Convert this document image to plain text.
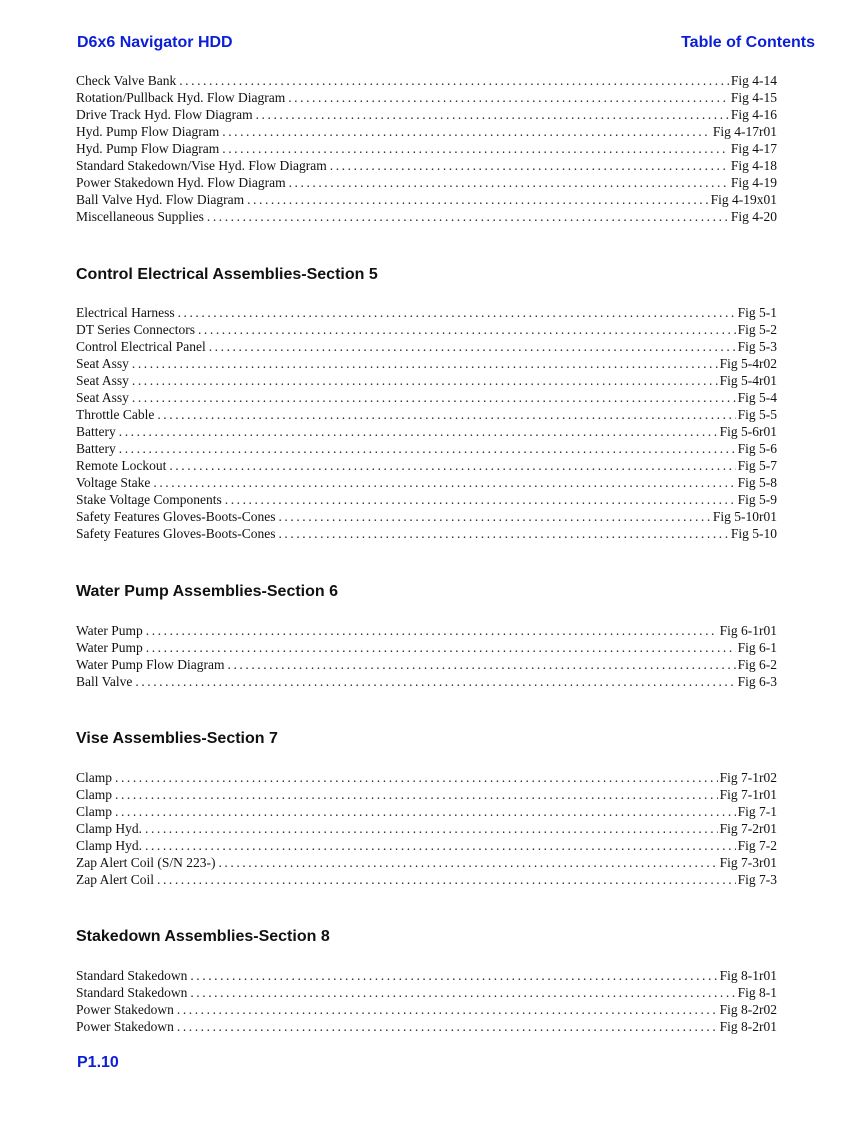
D6x6 Navigator HDD	Table of Contents
Check Valve Bank . . .	Fig 4-14
Rotation/Pullback Hyd. Flow Diagram . . .	Fig 4-15
Drive Track Hyd. Flow Diagram . . .	Fig 4-16
Hyd. Pump Flow Diagram . . .	Fig 4-17r01
Hyd. Pump Flow Diagram . . .	Fig 4-17
Standard Stakedown/Vise Hyd. Flow Diagram . . .	Fig 4-18
Power Stakedown Hyd. Flow Diagram . . .	Fig 4-19
Ball Valve Hyd. Flow Diagram . . .	Fig 4-19x01
Miscellaneous Supplies . . .	Fig 4-20
Control Electrical Assemblies-Section 5
Electrical Harness . . .	Fig 5-1
DT Series Connectors . . .	Fig 5-2
Control Electrical Panel . . .	Fig 5-3
Seat Assy . . .	Fig 5-4r02
Seat Assy . . .	Fig 5-4r01
Seat Assy . . .	Fig 5-4
Throttle Cable . . .	Fig 5-5
Battery . . .	Fig 5-6r01
Battery . . .	Fig 5-6
Remote Lockout . . .	Fig 5-7
Voltage Stake . . .	Fig 5-8
Stake Voltage Components . . .	Fig 5-9
Safety Features Gloves-Boots-Cones . . .	Fig 5-10r01
Safety Features Gloves-Boots-Cones . . .	Fig 5-10
Water Pump Assemblies-Section 6
Water Pump . . .	Fig 6-1r01
Water Pump . . .	Fig 6-1
Water Pump Flow Diagram . . .	Fig 6-2
Ball Valve . . .	Fig 6-3
Vise Assemblies-Section 7
Clamp . . .	Fig 7-1r02
Clamp . . .	Fig 7-1r01
Clamp . . .	Fig 7-1
Clamp Hyd. . . .	Fig 7-2r01
Clamp Hyd. . . .	Fig 7-2
Zap Alert Coil (S/N 223-) . . .	Fig 7-3r01
Zap Alert Coil . . .	Fig 7-3
Stakedown Assemblies-Section 8
Standard Stakedown . . .	Fig 8-1r01
Standard Stakedown . . .	Fig 8-1
Power Stakedown . . .	Fig 8-2r02
Power Stakedown . . .	Fig 8-2r01
P1.10
